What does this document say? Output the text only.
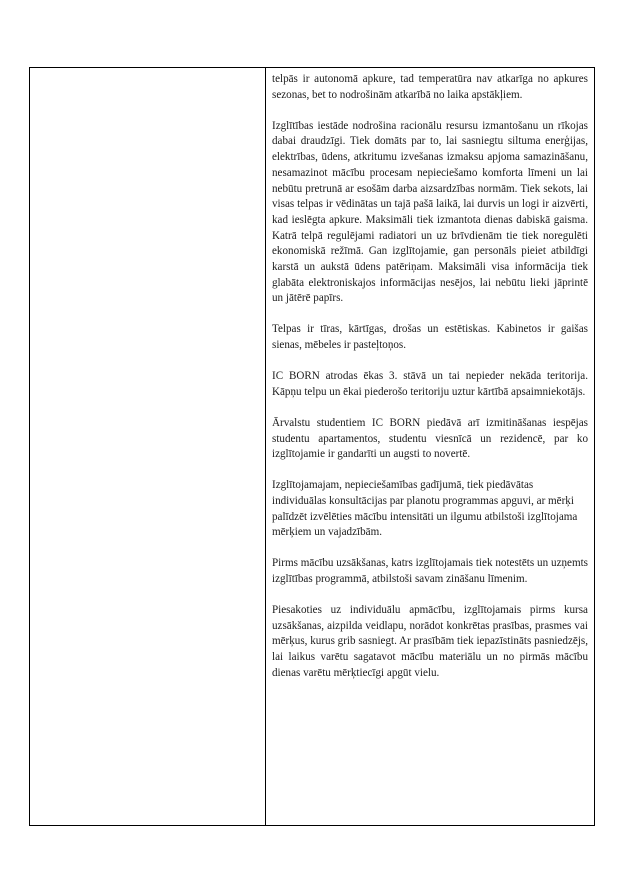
telpās ir autonomā apkure, tad temperatūra nav atkarīga no apkures sezonas, bet to nodrošinām atkarībā no laika apstākļiem.

Izglītības iestāde nodrošina racionālu resursu izmantošanu un rīkojas dabai draudzīgi. Tiek domāts par to, lai sasniegtu siltuma enerģijas, elektrības, ūdens, atkritumu izvešanas izmaksu apjoma samazināšanu, nesamazinot mācību procesam nepieciešamo komforta līmeni un lai nebūtu pretrunā ar esošām darba aizsardzības normām. Tiek sekots, lai visas telpas ir vēdinātas un tajā pašā laikā, lai durvis un logi ir aizvērti, kad ieslēgta apkure. Maksimāli tiek izmantota dienas dabiskā gaisma. Katrā telpā regulējami radiatori un uz brīvdienām tie tiek noregulēti ekonomiskā režīmā. Gan izglītojamie, gan personāls pieiet atbildīgi karstā un aukstā ūdens patēriņam. Maksimāli visa informācija tiek glabāta elektroniskajos informācijas nesējos, lai nebūtu lieki jāprintē un jātērē papīrs.

Telpas ir tīras, kārtīgas, drošas un estētiskas. Kabinetos ir gaišas sienas, mēbeles ir pasteļtoņos.

IC BORN atrodas ēkas 3. stāvā un tai nepieder nekāda teritorija. Kāpņu telpu un ēkai piederošo teritoriju uztur kārtībā apsaimniekotājs.

Ārvalstu studentiem IC BORN piedāvā arī izmitināšanas iespējas studentu apartamentos, studentu viesnīcā un rezidencē, par ko izglītojamie ir gandarīti un augsti to novertē.

Izglītojamajam, nepieciešamības gadījumā, tiek piedāvātas individuālas konsultācijas par planotu programmas apguvi, ar mērķi palīdzēt izvēlēties mācību intensitāti un ilgumu atbilstoši izglītojama mērķiem un vajadzībām.

Pirms mācību uzsākšanas, katrs izglītojamais tiek notestēts un uzņemts izglītības programmā, atbilstoši savam zināšanu līmenim.

Piesakoties uz individuālu apmācību, izglītojamais pirms kursa uzsākšanas, aizpilda veidlapu, norādot konkrētas prasības, prasmes vai mērķus, kurus grib sasniegt. Ar prasībām tiek iepazīstināts pasniedzējs, lai laikus varētu sagatavot mācību materiālu un no pirmās mācību dienas varētu mērķtiecīgi apgūt vielu.
